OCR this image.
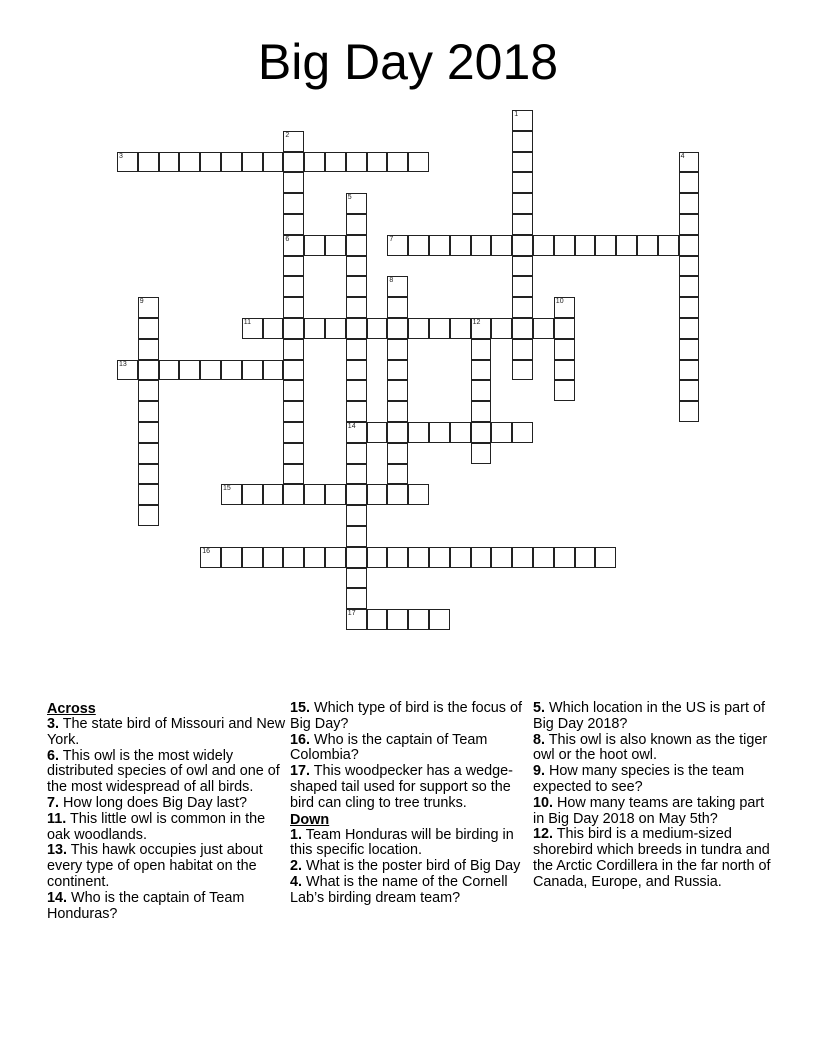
Big Day 2018
1
2
6
3	4
5
14
17
7
8
9	10
11	12
13
15
16
Across
3. The state bird of Missouri and New York.
6. This owl is the most widely distributed species of owl and one of the most widespread of all birds.
7. How long does Big Day last?
11. This little owl is common in the oak woodlands.
13. This hawk occupies just about every type of open habitat on the continent.
14. Who is the captain of Team Honduras?
15. Which type of bird is the focus of Big Day?
16. Who is the captain of Team Colombia?
17. This woodpecker has a wedge-shaped tail used for support so the bird can cling to tree trunks.
Down
1. Team Honduras will be birding in this specific location.
2. What is the poster bird of Big Day
4. What is the name of the Cornell Lab’s birding dream team?
5. Which location in the US is part of Big Day 2018?
8. This owl is also known as the tiger owl or the hoot owl.
9. How many species is the team expected to see?
10. How many teams are taking part in Big Day 2018 on May 5th?
12. This bird is a medium-sized shorebird which breeds in tundra and the Arctic Cordillera in the far north of Canada, Europe, and Russia.
